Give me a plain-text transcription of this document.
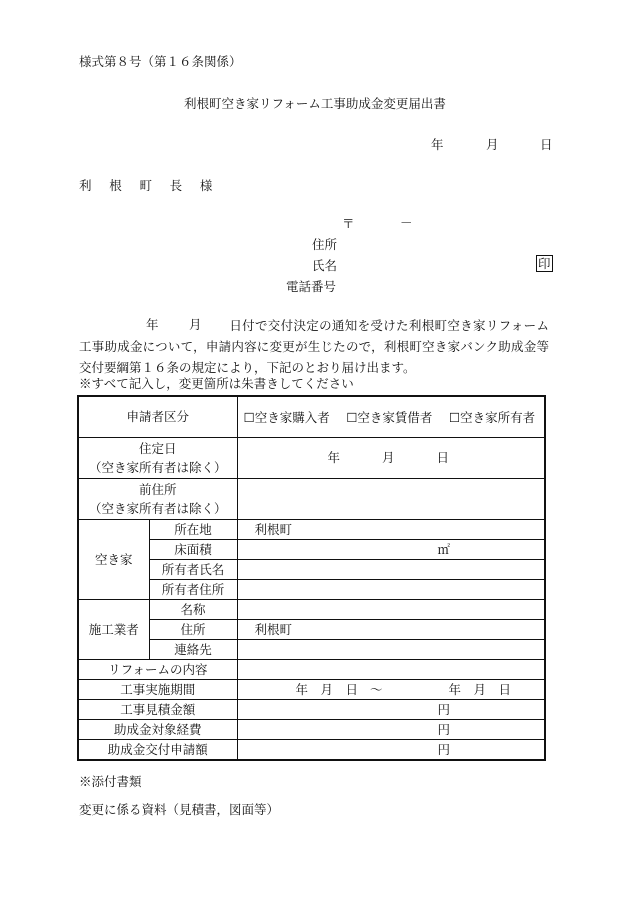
様式第８号（第１６条関係）
利根町空き家リフォーム工事助成金変更届出書
年	月	日
利 根 町 長 様
〒	－
住所
氏名	印
電話番号
年 月	日付で交付決定の通知を受けた利根町空き家リフォーム工事助成金について，申請内容に変更が生じたので，利根町空き家バンク助成金等交付要綱第１６条の規定により，下記のとおり届け出ます。
※すべて記入し，変更箇所は朱書きしてください
申請者区分		☐空き家購入者　 ☐空き家賃借者　 ☐空き家所有者

住定日
（空き家所有者は除く）		年 月 日

前住所
（空き家所有者は除く）		

空き家	所在地	利根町
	床面積	㎡
	所有者氏名	
	所有者住所	
施工業者	名称	
	住所	利根町
	連絡先	
リフォームの内容		
工事実施期間		年　月　日 ～ 年　月　日
工事見積金額		円
助成金対象経費		円
助成金交付申請額		円
※添付書類
変更に係る資料（見積書，図面等）
